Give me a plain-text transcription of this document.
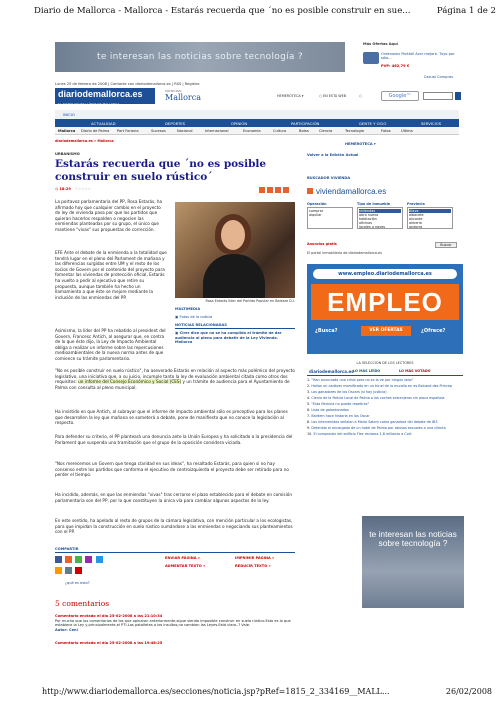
Diario de Mallorca - Mallorca - Estarás recuerda que ´no es posible construir en sue...	Página 1 de 2
te interesan las noticias sobre tecnología ?
Más Ofertas Aquí
Ordenador Portátil Acer mejore. Tuyo por sólo...
PVP: 462,79 €
Casual Compras
Lunes 25 de febrero de 2008 | Contacte con diariodemallorca.es | RSS | Registro
diariodemallorca.es
EL DIARIO DIGITAL LÍDER DE MALLORCA
NOTICIAS:
Mallorca	HEMEROTECA ▾	○ EN ESTA WEB	○	Google™
INICIO
ACTUALIDAD	DEPORTES	OPINIÓN	PARTICIPACIÓN	GENTE Y OCIO	SERVICIOS
Mallorca Diario de Palma Part Forania	Sucesos	Nacional	Internacional	Economía	Cultura	Bolsa	Ciencia	Tecnología	Fotos	Última
diariodemallorca.es » Mallorca
HEMEROTECA ▾
URBANISMO
Estarás recuerda que ´no es posible construir en suelo rústico´
◷ 18:29 ☆☆☆☆☆

La portavoz parlamentaria del PP, Rosa Estarás, ha afirmado hoy que cualquier cambio en el proyecto de ley de vivienda pasa por que los partidos que quieran hacerlos respalden o negocien las enmiendas planteadas por su grupo, el único que mantiene "vivas" sus propuestas de corrección.

EFE Ante el debate de la enmienda a la totalidad que tendrá lugar en el pleno del Parlament de mañana y las diferencias surgidas entre UM y el resto de los socios de Govern por el contenido del proyecto para fomentar las viviendas de protección oficial, Estarás ha vuelto a pedir al ejecutivo que retire su propuesta, aunque también ha hecho un llamamiento a que éste se mejore mediante la inclusión de las enmiendas del PP.

Asimismo, la líder del PP ha rebatido al president del Govern, Francesc Antich, al asegurar que, en contra de lo que éste dijo, la Ley de Impacto Ambiental obliga a realizar un informe sobre las repercusiones medioambientales de la nueva norma antes de que comience su trámite parlamentario.

Rosa Estarás líder del Partido Popular en Baleare D.I.
MULTIMEDIA
▣ Fotos de la noticia
NOTICIAS RELACIONADAS
▣ Cirer dice que no se ha cumplido el trámite de dar audiencia al pleno para debatir de la Ley Vivienda. Mallorca

"No es posible construir en suelo rústico", ha aseverado Estarás en relación al aspecto más polémico del proyecto legislativo, una iniciativa que, a su juicio, incumple tanto la ley de evaluación ambiental citada como otros dos requisitos: un informe del Consejo Económico y Social (CES) y un trámite de audiencia para el Ayuntamiento de Palma con consulta al pleno municipal.

Ha insistido en que Antich, al subrayar que el informe de impacto ambiental sólo es preceptivo para los planes que desarrollen la ley que mañana se someterá a debate, pone de manifiesto que no conoce la legislación al respecto.

Para defender su criterio, el PP plantearà una denuncia ante la Unión Europea y ha solicitado a la presidencia del Parlament que suspenda una tramitación que el grupo de la oposición considera viciada.

"Nos merecemos un Govern que tenga claridad en sus ideas", ha resaltado Estarás, para quien si no hay consenso entre los partidos que conforma el ejecutivo de centroizquierda el proyecto debe ser retirado para no perder el tiempo.

Ha incidido, además, en que las enmiendas "vivas" tras cerrarse el plazo establecido para el debate en comisión parlamentaria son del PP, por lo que constituyen la única vía para cambiar algunos aspectos de la ley.

En este sentido, ha apelado al resto de grupos de la cámara legislativa, con mención particular a los ecologistas, para que impidan la construcción en suelo rústico sumándose a las enmiendas o negociando sus planteamientos con el PP.

COMPARTIR

ENVIAR PÁGINA »	IMPRIMIR PÁGINA »
AUMENTAR TEXTO »	REDUCIR TEXTO »
¿qué es esto?
5 comentarios
Comentario enviado el día 25-02-2008 a las 21:10:34
Por mucho que los comentarios de los que opinaron anteriormente,sigue siendo imposible construir en suelo rústico.Esto es lo que establece la Ley y,principalmente,el PTI.Las patalletas o los insultos,no cambian las Leyes.Está claro..? Vale.
Autor: Ceni
Comentario enviado el día 25-02-2008 a las 19:48:25
Volver a la Edición Actual
BUSCADOR VIVIENDA
viviendamallorca.es
Operación
comprar
alquilar
Tipo de inmueble
viviendas
obra nueva
habitación
oficinas
locales o naves
Provincia
Alava
albacete
alicante
almería
andorra
Anuncios gratis	Buscar
El portal inmobiliario de diariodemallorca.es
www.empleo.diariodemallorca.es
EMPLEO
¿Busca?	VER OFERTAS	¿Ofrece?
LA SELECCIÓN DE LOS LECTORES
diariodemallorca.es LO MÁS LEÍDO	LO MÁS VOTADO
1. "Han anunciado una crisis pero no se la ve por ningún lado"
2. Hallan un cadáver momificado en un túnel de la muralla en es Baluard des Príncep
3. Los ganadores de los Oscars (sí hay justicia)
4. Cierzo de la Policía Local de Palma a los coches extranjeros sin placa española
5. "Esta fórmula no puede repetirse"
6. Lista de galardonados
7. Bardem hace historia en los Oscar
8. Los intervenidos señalan a María Salom como ganadora del debate de IB3
9. Detenido el encargado de un hotel de Palma por abusos sexuales a una clienta
10. El comprador del edificio Flex reclama 1,8 millones a Cort
te interesan las noticias sobre tecnología ?
http://www.diariodemallorca.es/secciones/noticia.jsp?pRef=1815_2_334169__MALL...	26/02/2008
